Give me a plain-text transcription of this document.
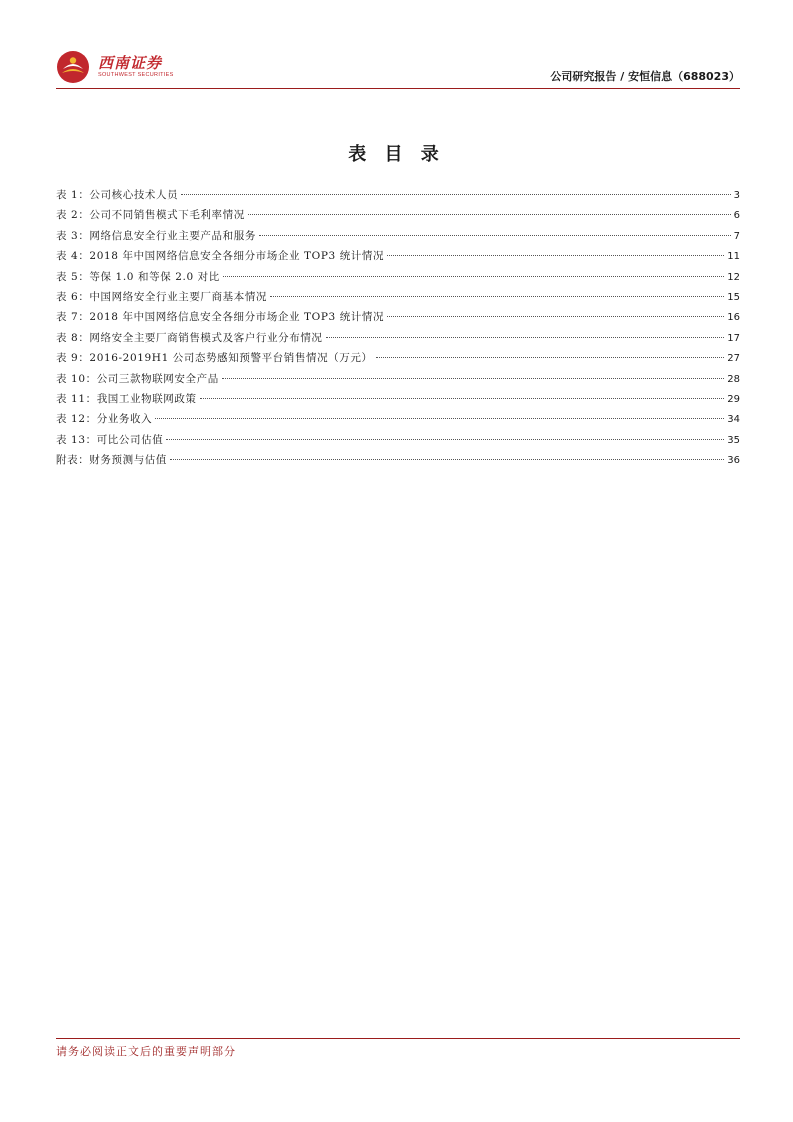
西南证券
SOUTHWEST SECURITIES	公司研究报告 / 安恒信息（688023）
表 目 录
表 1：公司核心技术人员	3
表 2：公司不同销售模式下毛利率情况	6
表 3：网络信息安全行业主要产品和服务	7
表 4：2018 年中国网络信息安全各细分市场企业 TOP3 统计情况	11
表 5：等保 1.0 和等保 2.0 对比	12
表 6：中国网络安全行业主要厂商基本情况	15
表 7：2018 年中国网络信息安全各细分市场企业 TOP3 统计情况	16
表 8：网络安全主要厂商销售模式及客户行业分布情况	17
表 9：2016-2019H1 公司态势感知预警平台销售情况（万元）	27
表 10：公司三款物联网安全产品	28
表 11：我国工业物联网政策	29
表 12：分业务收入	34
表 13：可比公司估值	35
附表：财务预测与估值	36
请务必阅读正文后的重要声明部分
